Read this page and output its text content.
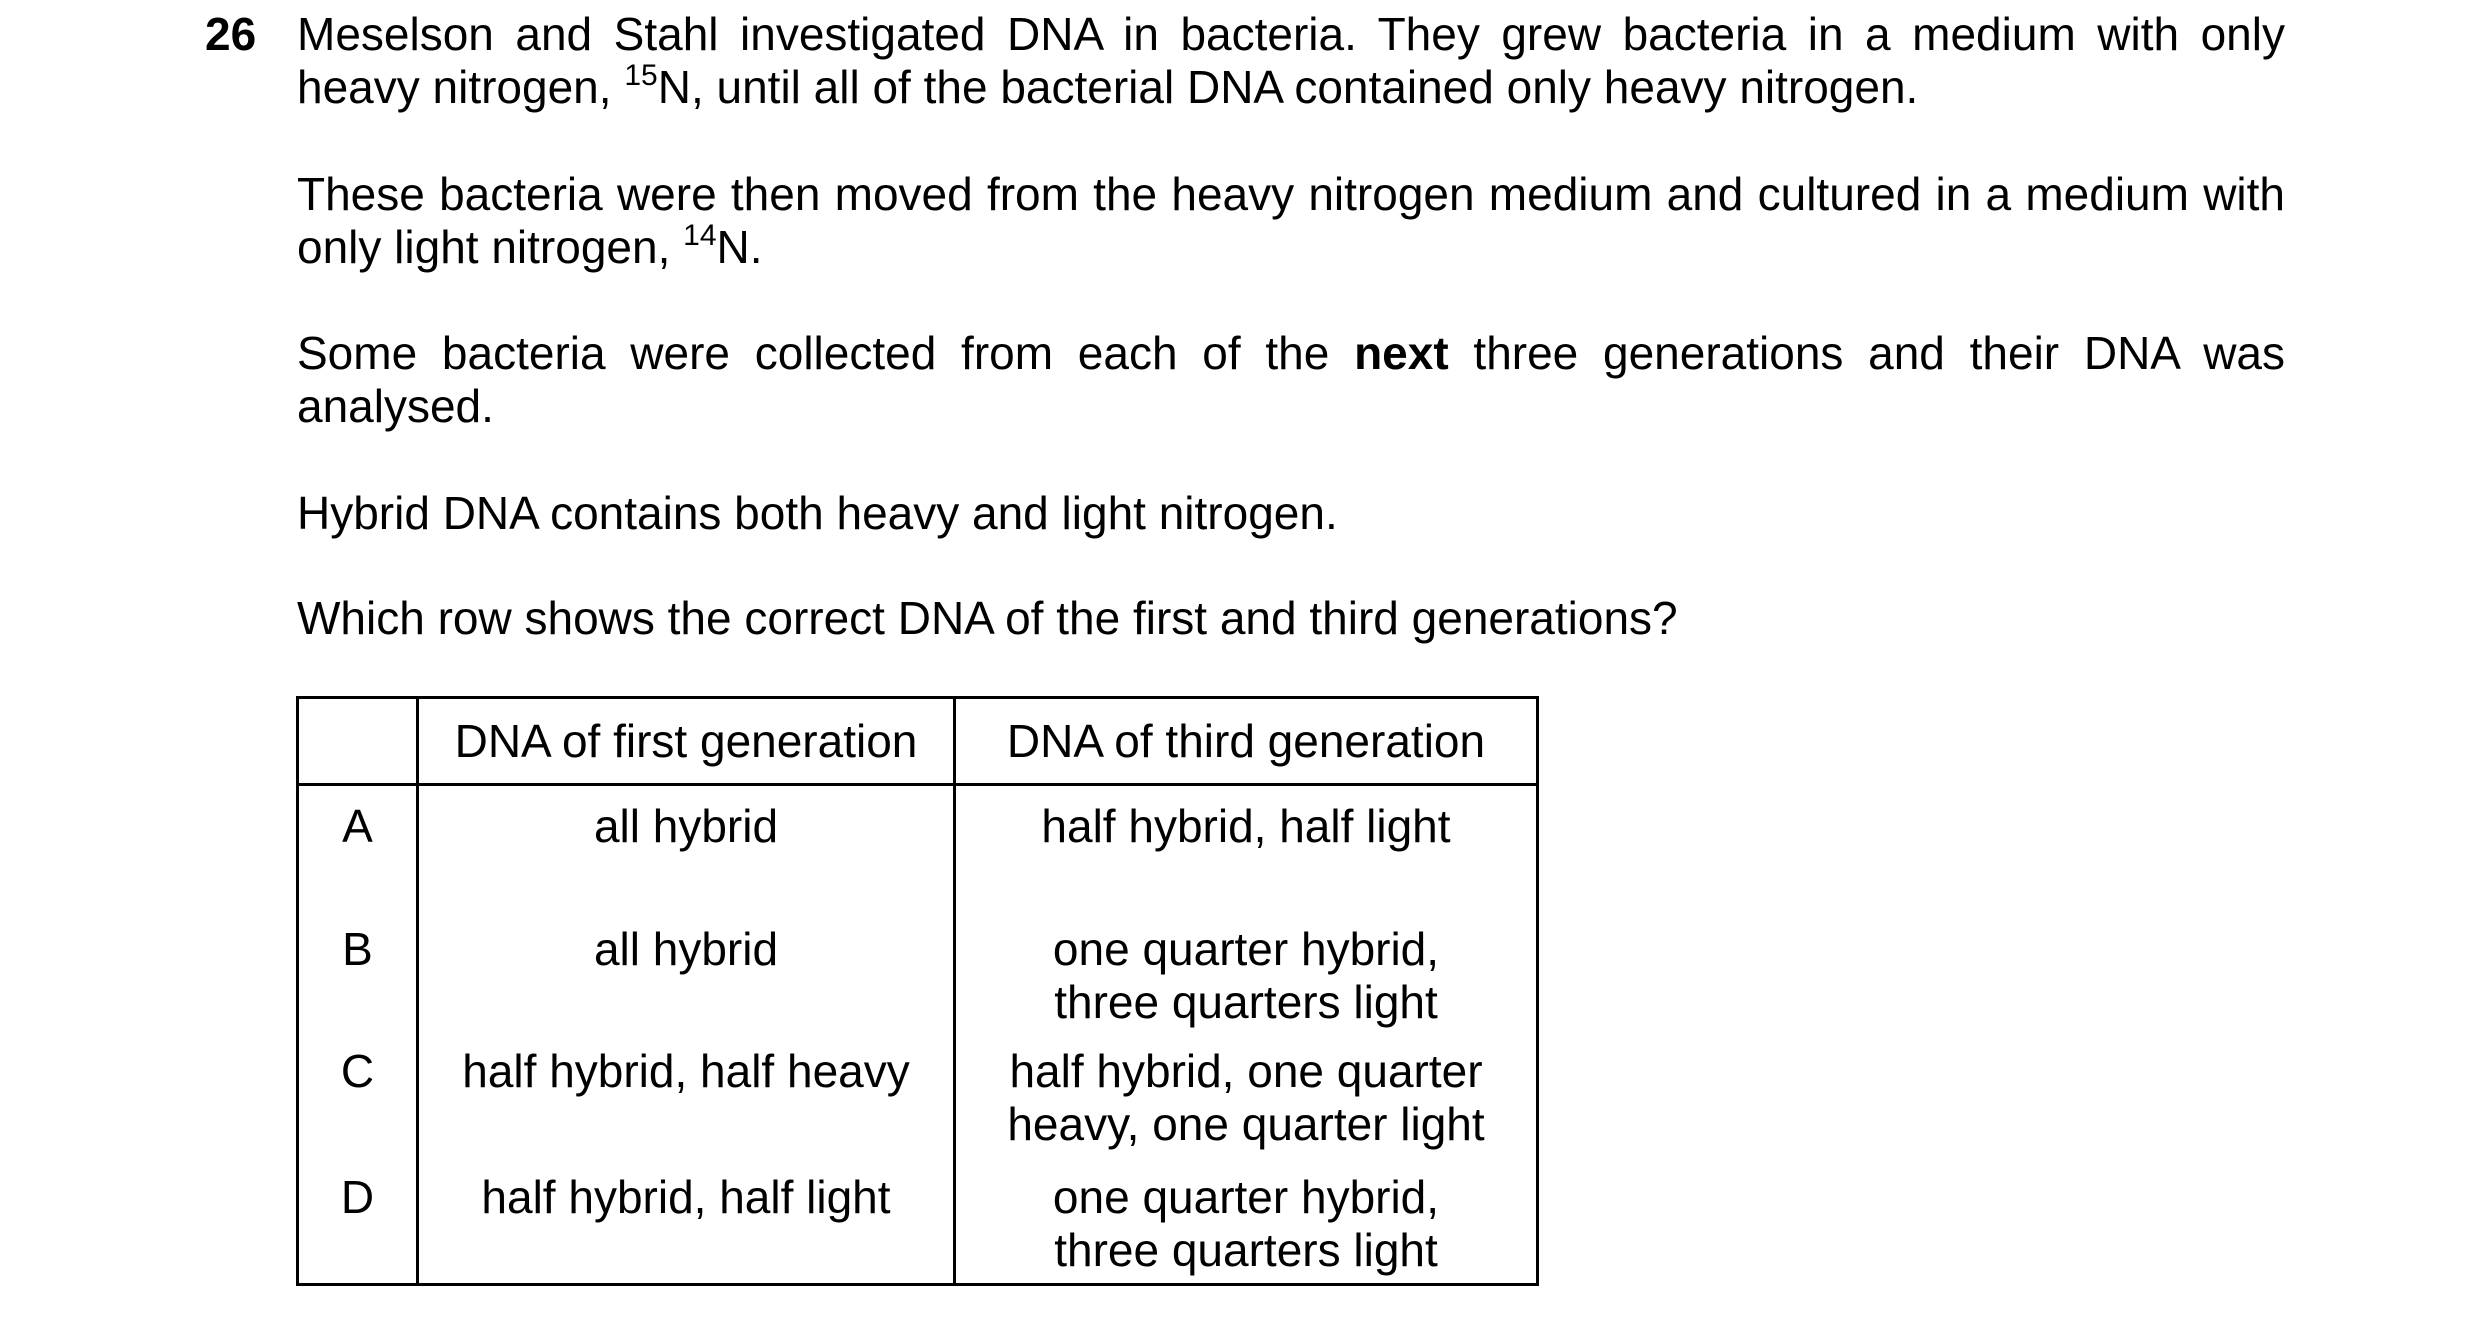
26 Meselson and Stahl investigated DNA in bacteria. They grew bacteria in a medium with only heavy nitrogen, $^{15}$N, until all of the bacterial DNA contained only heavy nitrogen.
These bacteria were then moved from the heavy nitrogen medium and cultured in a medium with only light nitrogen, $^{14}$N.
Some bacteria were collected from each of the next three generations and their DNA was analysed.
Hybrid DNA contains both heavy and light nitrogen.
Which row shows the correct DNA of the first and third generations?
	DNA of first generation	DNA of third generation
A	all hybrid	half hybrid, half light

B	all hybrid	one quarter hybrid,
three quarters light

C	half hybrid, half heavy	half hybrid, one quarter
heavy, one quarter light

D	half hybrid, half light	one quarter hybrid,
three quarters light
